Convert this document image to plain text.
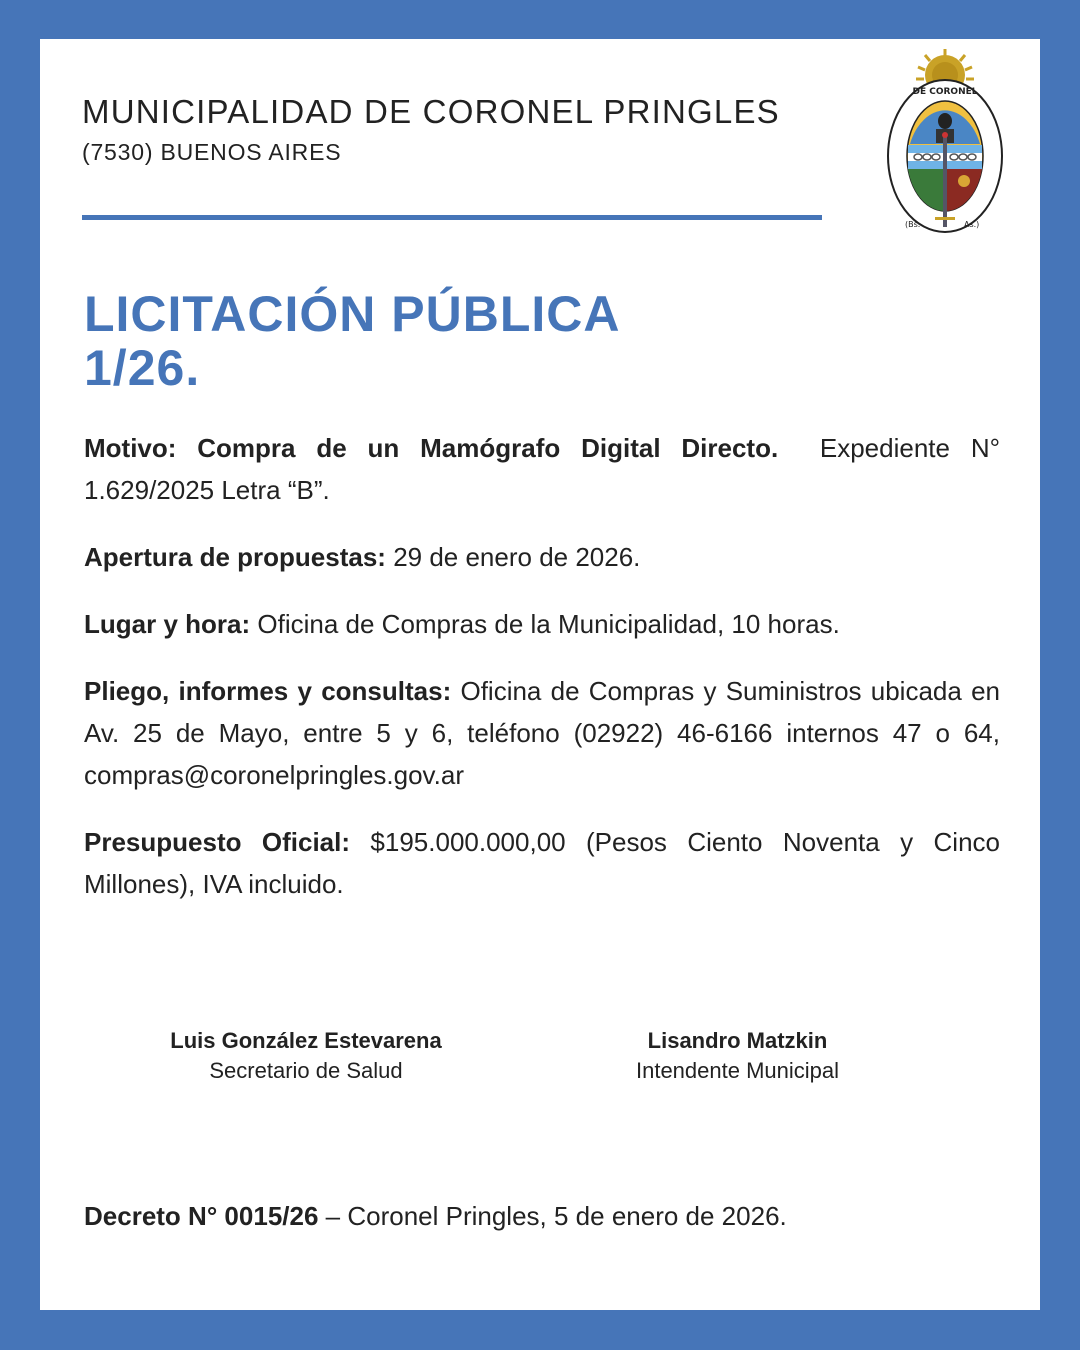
MUNICIPALIDAD DE CORONEL PRINGLES
(7530) BUENOS AIRES
DE CORONEL
(Bs.	As.)
LICITACIÓN PÚBLICA
1/26.

Motivo: Compra de un Mamógrafo Digital Directo. Expediente N° 1.629/2025 Letra “B”.

Apertura de propuestas: 29 de enero de 2026.

Lugar y hora: Oficina de Compras de la Municipalidad, 10 horas.

Pliego, informes y consultas: Oficina de Compras y Suministros ubicada en Av. 25 de Mayo, entre 5 y 6, teléfono (02922) 46-6166 internos 47 o 64, compras@coronelpringles.gov.ar

Presupuesto Oficial: $195.000.000,00 (Pesos Ciento Noventa y Cinco Millones), IVA incluido.

Luis González Estevarena
Secretario de Salud
Lisandro Matzkin
Intendente Municipal
Decreto N° 0015/26 – Coronel Pringles, 5 de enero de 2026.
